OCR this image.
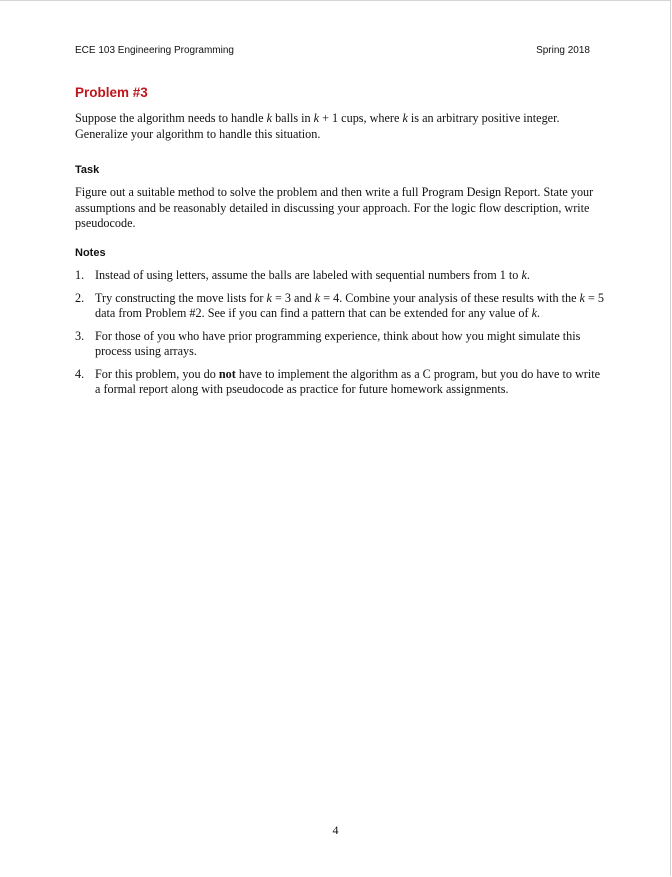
ECE 103 Engineering Programming	Spring 2018
Problem #3

Suppose the algorithm needs to handle k balls in k + 1 cups, where k is an arbitrary positive integer. Generalize your algorithm to handle this situation.

Task

Figure out a suitable method to solve the problem and then write a full Program Design Report. State your assumptions and be reasonably detailed in discussing your approach. For the logic flow description, write pseudocode.

Notes
1. Instead of using letters, assume the balls are labeled with sequential numbers from 1 to k.
2. Try constructing the move lists for k = 3 and k = 4. Combine your analysis of these results with the k = 5 data from Problem #2. See if you can find a pattern that can be extended for any value of k.
3. For those of you who have prior programming experience, think about how you might simulate this process using arrays.
4. For this problem, you do not have to implement the algorithm as a C program, but you do have to write a formal report along with pseudocode as practice for future homework assignments.
4
